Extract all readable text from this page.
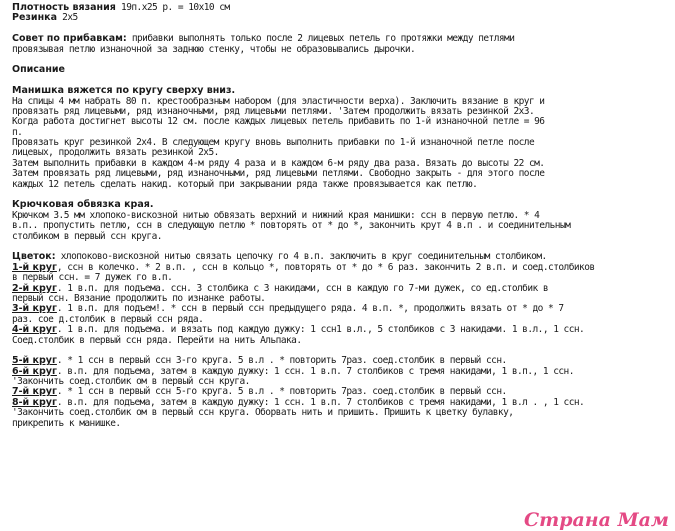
Плотность вязания 19п.х25 р. = 10х10 см
Резинка 2х5
Совет по прибавкам: прибавки выполнять только после 2 лицевых петель го протяжки между петлями
провязывая петлю изнаночной за заднюю стенку, чтобы не образовывались дырочки.
Описание
Манишка вяжется по кругу сверху вниз.
На спицы 4 мм набрать 80 п. крестообразным набором (для эластичности верха). Заключить вязание в круг и
провязать ряд лицевыми, ряд изнаночными, ряд лицевыми петлями. 'Затем продолжить вязать резинкой 2х3.
Когда работа достигнет высоты 12 см. после каждых лицевых петель прибавить по 1-й изнаночной петле = 96
п.
Провязать круг резинкой 2х4. В следующем кругу вновь выполнить прибавки по 1-й изнаночной петле после
лицевых, продолжить вязать резинкой 2х5.
Затем выполнить прибавки в каждом 4-м ряду 4 раза и в каждом 6-м ряду два раза. Вязать до высоты 22 см.
Затем провязать ряд лицевыми, ряд изнаночными, ряд лицевыми петлями. Свободно закрыть - для этого после
каждых 12 петель сделать накид. который при закрывании ряда также провязывается как петлю.
Крючковая обвязка края.
Крючком 3.5 мм хлопоко-вискозной нитью обвязать верхний и нижний края манишки: ссн в первую петлю. * 4
в.п.. пропустить петлю, ссн в следующую петлю * повторять от * до *, закончить крут 4 в.п . и соединительным
столбиком в первый ссн круга.
Цветок: хлопоково-вискозной нитью связать цепочку го 4 в.п. заключить в круг соединительным столбиком.
1-й круг, ссн в колечко. * 2 в.п. , ссн в кольцо *, повторять от * до * 6 раз. закончить 2 в.п. и соед.столбиков
в первый ссн. = 7 дужек го в.п.
2-й круг. 1 в.п. для подъема. ссн. 3 столбика с 3 накидами, ссн в каждую го 7-ми дужек, со ед.столбик в
первый ссн. Вязание продолжить по изнанке работы.
3-й круг. 1 в.п. для подъем!. * ссн в первый ссн предыдущего ряда. 4 в.п. *, продолжить вязать от * до * 7
раз. соe д.столбик в первый ссн ряда.
4-й круг. 1 в.п. для подъема. и вязать под каждую дужку: 1 ссн1 в.л., 5 столбиков с 3 накидами. 1 в.л., 1 ссн.
Соед.столбик в первый ссн ряда. Перейти на нить Альпака.
5-й круг. * 1 ссн в первый ссн 3-го круга. 5 в.л . * повторить 7раз. соед.столбик в первый ссн.
6-й круг. в.п. для подъема, затем в каждую дужку: 1 ссн. 1 в.п. 7 столбиков с тремя накидами, 1 в.п., 1 ссн.
'Закончить соед.столбик ом в первый ссн круга.
7-й круг. * 1 ссн в первый ссн 5-го круга. 5 в.л . * повторить 7раз. соед.столбик в первый ссн.
8-й круг. в.п. для подъема, затем в каждую дужку: 1 ссн. 1 в.п. 7 столбиков с тремя накидами, 1 в.л . , 1 ссн.
'Закончить соед.столбик ом в первый ссн круга. Оборвать нить и пришить. Пришить к цветку булавку,
прикрепить к манишке.
Страна Мам
